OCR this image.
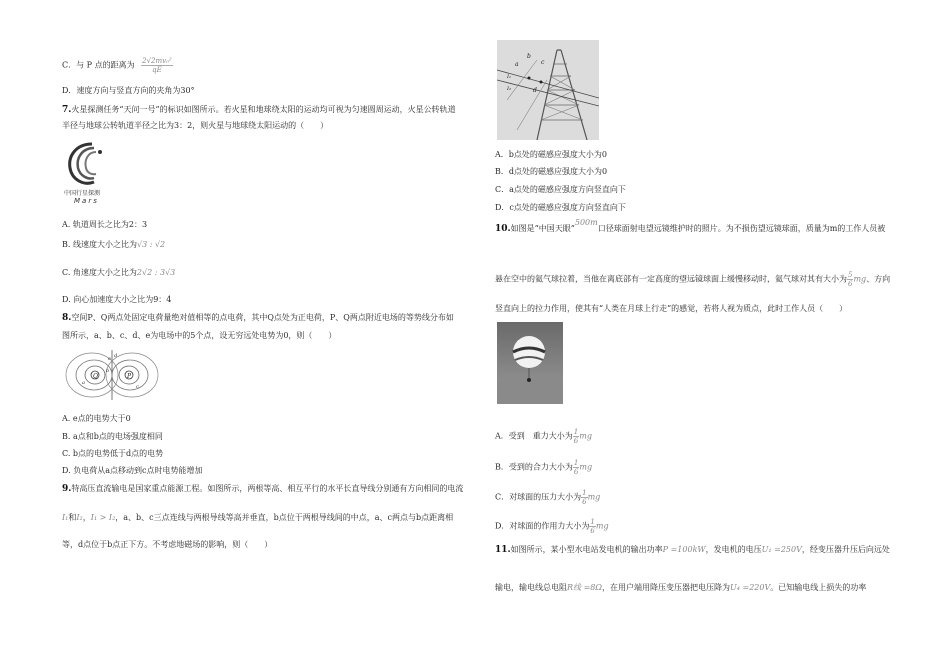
C．与 P 点的距离为 $\frac{\text{2√2mv₀²}}{qE}$
D．速度方向与竖直方向的夹角为30°
7.火星探测任务“天问一号”的标识如图所示。若火星和地球绕太阳的运动均可视为匀速圆周运动，火星公转轨道
半径与地球公转轨道半径之比为3：2，则火星与地球绕太阳运动的（　　）
中国行星探测
Mars
A. 轨道周长之比为2：3
B. 线速度大小之比为√3 : √2
C. 角速度大小之比为2√2 : 3√3
D. 向心加速度大小之比为9：4
8.空间P、Q两点处固定电荷量绝对值相等的点电荷，其中Q点处为正电荷，P、Q两点附近电场的等势线分布如
图所示，a、b、c、d、e为电场中的5个点，设无穷远处电势为0，则（　　）
Q	P
a
b
c
d
e
A. e点的电势大于0
B. a点和b点的电场强度相同
C. b点的电势低于d点的电势
D. 负电荷从a点移动到c点时电势能增加
9.特高压直流输电是国家重点能源工程。如图所示，两根等高、相互平行的水平长直导线分别通有方向相同的电流
I₁和I₂，I₁ > I₂，a、b、c三点连线与两根导线等高并垂直，b点位于两根导线间的中点，a、c两点与b点距离相
等，d点位于b点正下方。不考虑地磁场的影响，则（　　）
b
a	c
I₁
I₂	d
A．b点处的磁感应强度大小为0
B．d点处的磁感应强度大小为0
C．a点处的磁感应强度方向竖直向下
D．c点处的磁感应强度方向竖直向下
10.如图是“中国天眼”500m口径球面射电望远镜维护时的照片。为不损伤望远镜球面，质量为m的工作人员被
悬在空中的氦气球拉着，当他在离底部有一定高度的望远镜球面上缓慢移动时，氦气球对其有大小为 $\frac{5}{6}$ mg、方向
竖直向上的拉力作用，使其有“人类在月球上行走”的感觉，若将人视为质点，此时工作人员（　　）
A．受到　重力大小为 $\frac{1}{6}$ mg
B．受到的合力大小为 $\frac{1}{6}$ mg
C．对球面的压力大小为 $\frac{1}{6}$ mg
D．对球面的作用力大小为 $\frac{1}{6}$ mg
11.如图所示，某小型水电站发电机的输出功率P =100kW，发电机的电压U₁ =250V，经变压器升压后向远处
输电，输电线总电阻R线 =8Ω，在用户端用降压变压器把电压降为U₄ =220V。已知输电线上损失的功率
